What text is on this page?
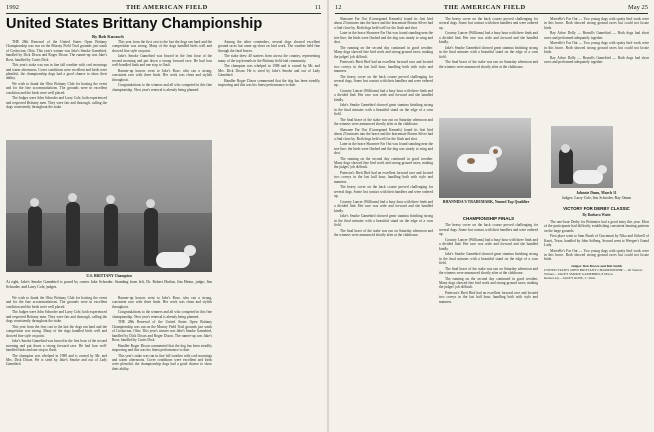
1992	THE AMERICAN FIELD	11
United States Brittany Championship
By Bob Kurasch

THE 28th Renewal of the United States Open Brittany Championship was run on the Murray Field Trial grounds just south of Coshocton, Ohio. This year's winner was Jake's Smoke Gamebird, handled by Dick Dixon and Roger Dixon. The runner-up was Jake's Rose, handled by Curtis Dick.

This year's stake was run in fine fall weather with cool mornings and warm afternoons. Cover conditions were excellent and birds were plentiful, the championship dogs had a good chance to show their ability.

We wish to thank the Ohio Brittany Club for hosting the event and for the fine accommodations. The grounds were in excellent condition and the birds were well placed.

The Judges were John Schroder and Larry Cole, both experienced and respected Brittany men. They were fair and thorough, calling the dogs consistently throughout the stake.

This year from the first cast to the last the dogs ran hard and the competition was strong. Many of the dogs handled birds well and showed fine style on point.

Jake's Smoke Gamebird was braced in the first hour of the second morning and put down a strong forward race. He had four well-handled finds and one stop to flush.

Runner-up honors went to Jake's Rose, who ran a strong, consistent race with three finds. Her work was clean and stylish throughout.

Congratulations to the winners and all who competed in this fine championship. Next year's renewal is already being planned.

Among the other contenders, several dogs showed excellent ground races but came up short on bird work. The weather held fine through the final braces.

The stake drew 40 starters from across the country, representing many of the top kennels in the Brittany field trial community.

The champion was whelped in 1988 and is owned by Mr. and Mrs. Dick Dixon. He is sired by Jake's Smoke and out of Lady Gamebird.

Handler Roger Dixon commented that the dog has been steadily improving and this was his finest performance to date.

U.S. BRITTANY Champion
At right, Jake's Smoke Gamebird is posed by owner Jake Schroder. Standing from left, Dr. Robert Harlan, Jim Heinz, judge; Jim Schroder, and Larry Cole, judges.

We wish to thank the Ohio Brittany Club for hosting the event and for the fine accommodations. The grounds were in excellent condition and the birds were well placed.

The Judges were John Schroder and Larry Cole, both experienced and respected Brittany men. They were fair and thorough, calling the dogs consistently throughout the stake.

This year from the first cast to the last the dogs ran hard and the competition was strong. Many of the dogs handled birds well and showed fine style on point.

Jake's Smoke Gamebird was braced in the first hour of the second morning and put down a strong forward race. He had four well-handled finds and one stop to flush.

The champion was whelped in 1988 and is owned by Mr. and Mrs. Dick Dixon. He is sired by Jake's Smoke and out of Lady Gamebird.

Runner-up honors went to Jake's Rose, who ran a strong, consistent race with three finds. Her work was clean and stylish throughout.

Congratulations to the winners and all who competed in this fine championship. Next year's renewal is already being planned.

THE 28th Renewal of the United States Open Brittany Championship was run on the Murray Field Trial grounds just south of Coshocton, Ohio. This year's winner was Jake's Smoke Gamebird, handled by Dick Dixon and Roger Dixon. The runner-up was Jake's Rose, handled by Curtis Dick.

Handler Roger Dixon commented that the dog has been steadily improving and this was his finest performance to date.

This year's stake was run in fine fall weather with cool mornings and warm afternoons. Cover conditions were excellent and birds were plentiful, the championship dogs had a good chance to show their ability.

12	THE AMERICAN FIELD	May 25

Shawnee Far Out (Cornegrand Kennels) found its first bird about 25 minutes into the brace and the bracemate Boreas Silver had a find close by. Both dogs held well for the flush and shot.

Later in the brace Shawnee Far Out was found standing near the tree line; the birds were flushed and the dog was steady to wing and shot.

The running on the second day continued in good weather. Many dogs showed fine bird work and strong ground races, making the judges' job difficult.

Paterson's Brett Bird had an excellent forward race and located two coveys in the last half hour, handling both with style and manners.

The heavy cover on the back course proved challenging for several dogs. Some lost contact with their handlers and were ordered up.

Country Lancer (Williams) had a busy hour with three finds and a divided find. Her race was wide and forward and she handled kindly.

Jake's Smoke Gamebird showed great stamina finishing strong in the final minutes with a beautiful stand on the edge of a corn field.

The final brace of the stake was run on Saturday afternoon and the winners were announced shortly after at the clubhouse.

Shawnee Far Out (Cornegrand Kennels) found its first bird about 25 minutes into the brace and the bracemate Boreas Silver had a find close by. Both dogs held well for the flush and shot.

Later in the brace Shawnee Far Out was found standing near the tree line; the birds were flushed and the dog was steady to wing and shot.

The running on the second day continued in good weather. Many dogs showed fine bird work and strong ground races, making the judges' job difficult.

Paterson's Brett Bird had an excellent forward race and located two coveys in the last half hour, handling both with style and manners.

The heavy cover on the back course proved challenging for several dogs. Some lost contact with their handlers and were ordered up.

Country Lancer (Williams) had a busy hour with three finds and a divided find. Her race was wide and forward and she handled kindly.

Jake's Smoke Gamebird showed great stamina finishing strong in the final minutes with a beautiful stand on the edge of a corn field.

The final brace of the stake was run on Saturday afternoon and the winners were announced shortly after at the clubhouse.

The heavy cover on the back course proved challenging for several dogs. Some lost contact with their handlers and were ordered up.

Country Lancer (Williams) had a busy hour with three finds and a divided find. Her race was wide and forward and she handled kindly.

Jake's Smoke Gamebird showed great stamina finishing strong in the final minutes with a beautiful stand on the edge of a corn field.

The final brace of the stake was run on Saturday afternoon and the winners were announced shortly after at the clubhouse.

RHANNIDA'S TRADEMARK, Named Top Qualifier
CHAMPIONSHIP FINALS

The heavy cover on the back course proved challenging for several dogs. Some lost contact with their handlers and were ordered up.

Country Lancer (Williams) had a busy hour with three finds and a divided find. Her race was wide and forward and she handled kindly.

Jake's Smoke Gamebird showed great stamina finishing strong in the final minutes with a beautiful stand on the edge of a corn field.

The final brace of the stake was run on Saturday afternoon and the winners were announced shortly after at the clubhouse.

The running on the second day continued in good weather. Many dogs showed fine bird work and strong ground races, making the judges' job difficult.

Paterson's Brett Bird had an excellent forward race and located two coveys in the last half hour, handling both with style and manners.

Marvelle's Far Out — Two young dogs with spotty bird work were in this brace. Both showed strong ground races but could not locate birds.

Ray Arbor Dolly — Brandi's Gamebird — Both dogs had short races and performed adequately together.

Marvelle's Far Out — Two young dogs with spotty bird work were in this brace. Both showed strong ground races but could not locate birds.

Ray Arbor Dolly — Brandi's Gamebird — Both dogs had short races and performed adequately together.

Johnnie Dunn, March 11
Judges: Larry Cole, Jim Schroder, Ray Oman
VICTORY FOR DERBY CLASSIC
By Barbara Waite

The one-hour Derby for Brittanies had a good entry this year. Most of the participants had difficulty establishing consistent hunting patterns on the large grounds.

First place went to Sam Brush of Cincinnati by Niko and Stilwell of Knott, Texas, handled by John Solberg. Second went to Weegee's Grand Lady.

Marvelle's Far Out — Two young dogs with spotty bird work were in this brace. Both showed strong ground races but could not locate birds.

Judges: Bob Brown and Bob Smith
UNITED STATES OPEN BRITTANY CHAMPIONSHIP — 40 Starters
Winner—JAKE'S SMOKE GAMEBIRD, 8 Dixon.
Runner-Up—JAKE'S ROSE, C. Dick.
